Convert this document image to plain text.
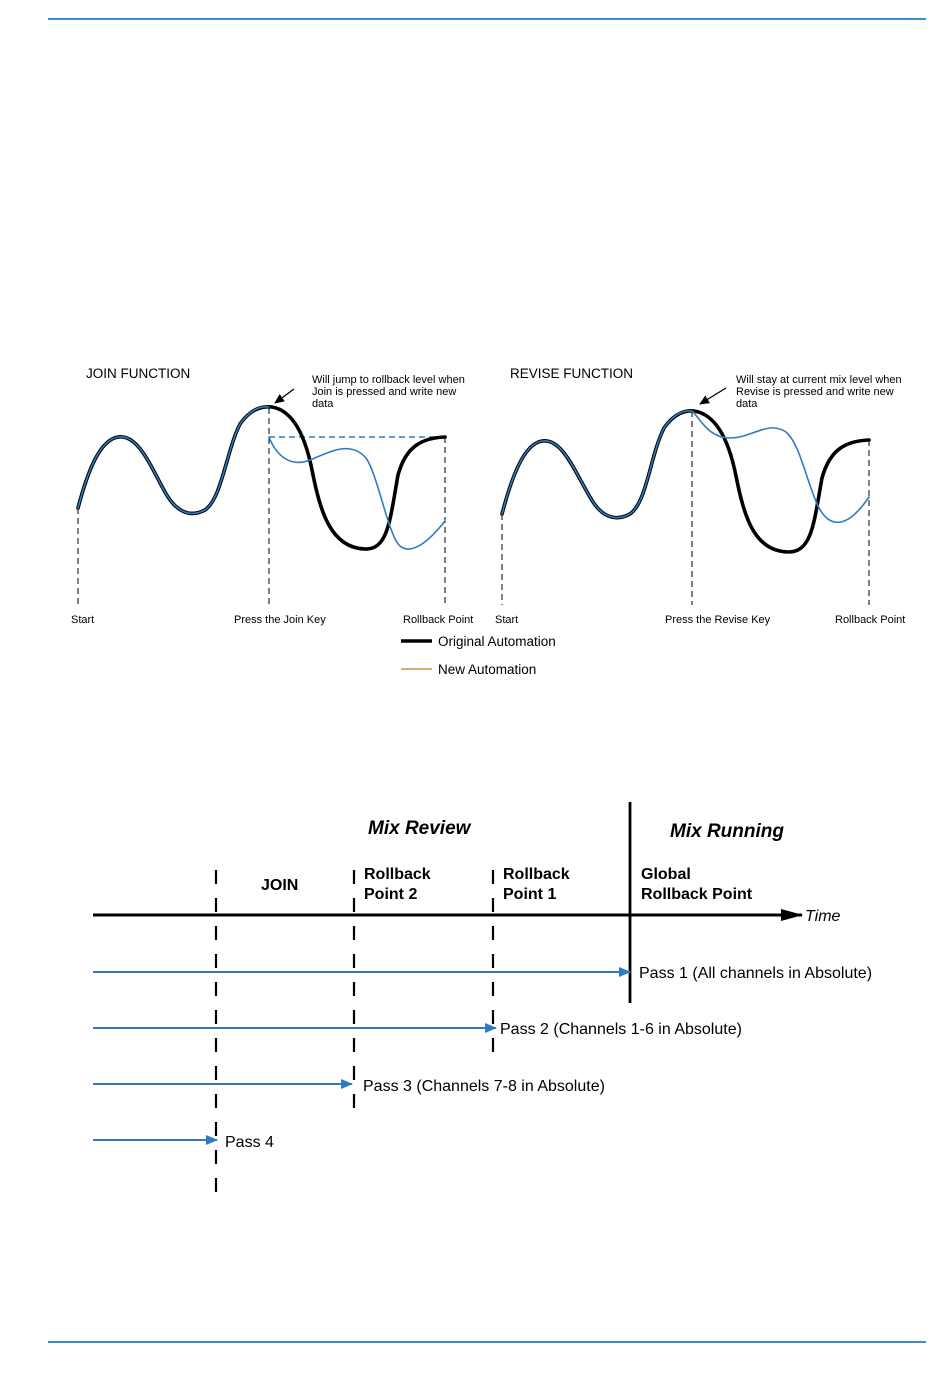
JOIN FUNCTION	Will jump to rollback level when
Join is pressed and write new
data
Start	Press the Join Key	Rollback Point
REVISE FUNCTION	Will stay at current mix level when
Revise is pressed and write new
data
Start	Press the Revise Key	Rollback Point
Original Automation
New Automation
Mix Review	Mix Running
JOIN
Rollback
Point 2
Rollback
Point 1
Global
Rollback Point
Time
Pass 1 (All channels in Absolute)
Pass 2 (Channels 1-6 in Absolute)
Pass 3 (Channels 7-8 in Absolute)
Pass 4
